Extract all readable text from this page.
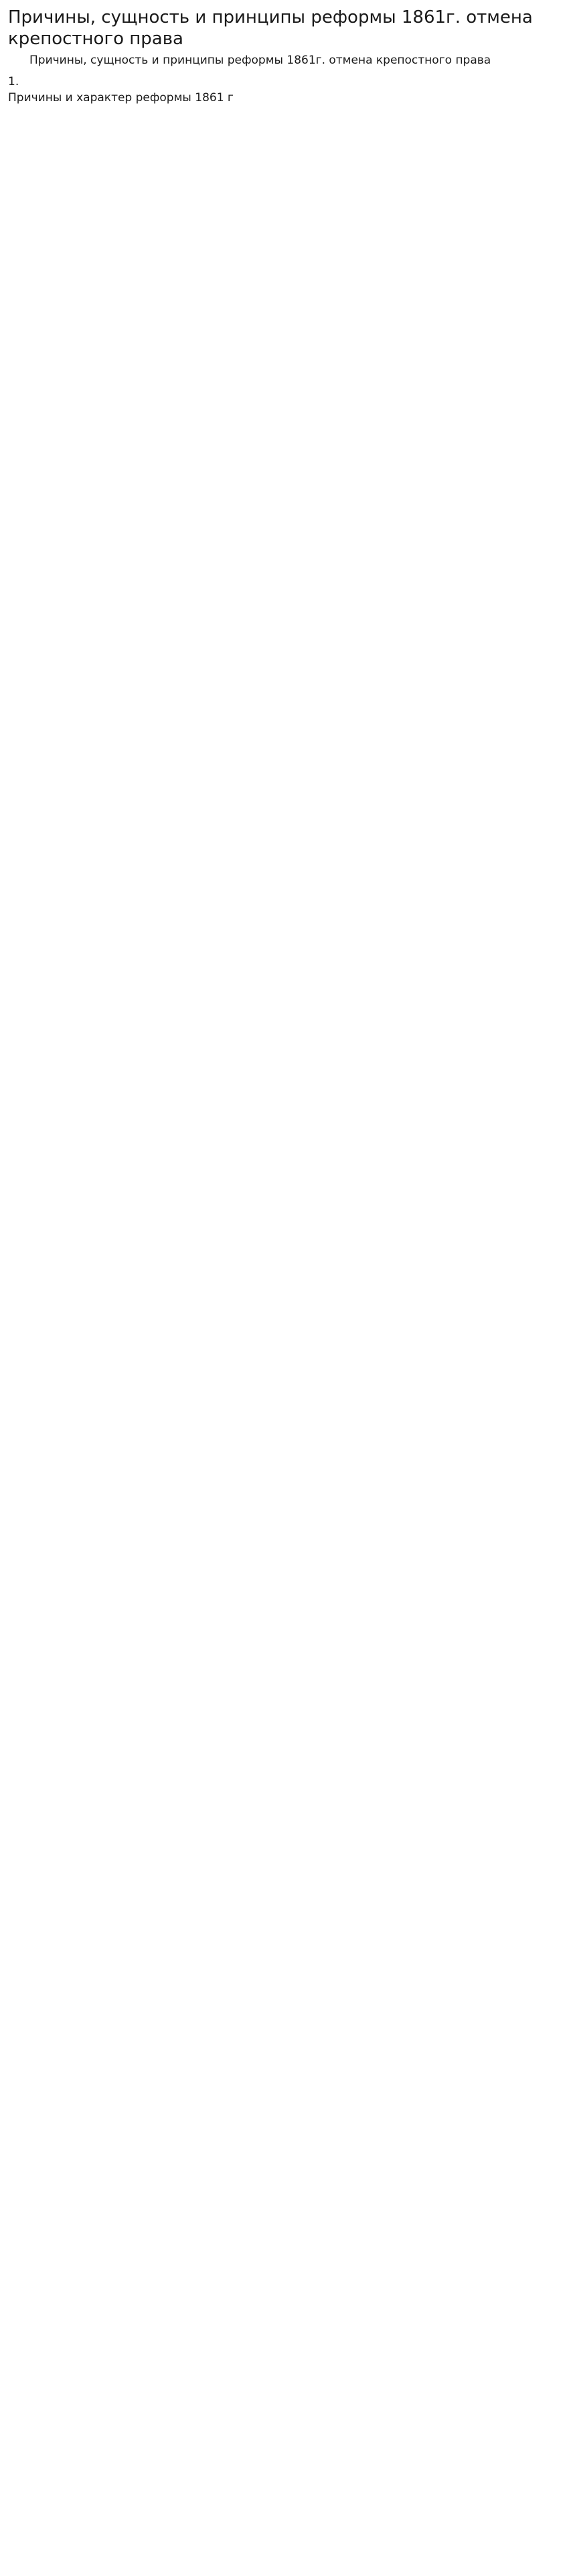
Причины, сущность и принципы реформы 1861г. отмена крепостного права
Причины, сущность и принципы реформы 1861г. отмена крепостного права
1.
Причины и характер реформы 1861 г
